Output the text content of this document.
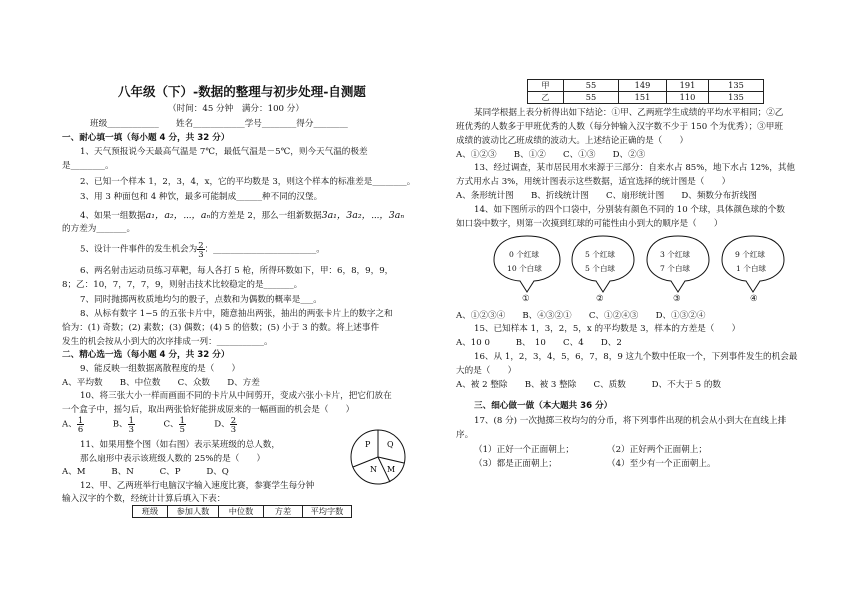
八年级（下）-数据的整理与初步处理-自测题
（时间：45 分钟　满分：100 分）
班级____________　　姓名____________学号________得分________
一、耐心填一填（每小题 4 分，共 32 分）
1、天气预报说今天最高气温是 7℃，最低气温是－5℃，则今天气温的极差
是________。
2、已知一个样本 1，2，3，4，x，它的平均数是 3，则这个样本的标准差是________。
3、用 3 种面包和 4 种饮，最多可能制成______种不同的汉堡。
4、如果一组数据a₁，a₂，⋯，aₙ的方差是 2，那么一组新数据3a₁，3a₂，⋯，3aₙ
的方差为_______。
5、设计一件事件的发生机会为 $\frac{2}{3}$ ：________________________。
6、两名射击运动员练习草靶，每人各打 5 枪，所得环数如下，甲：6，8，9，9，
8；乙：10，7，7，7，9，则射击技术比较稳定的是_______。
7、同时抛掷两枚质地均匀的骰子，点数和为偶数的概率是___。
8、从标有数字 1−5 的五张卡片中，随意抽出两张，抽出的两张卡片上的数字之和
恰为：(1) 奇数；(2) 素数；(3) 偶数；(4) 5 的倍数；(5) 小于 3 的数。将上述事件
发生的机会按从小到大的次序排成一列：___________。
二、精心选一选（每小题 4 分，共 32 分）
9、能反映一组数据离散程度的是（　　）
A、平均数　　B、中位数　　C、众数　　D、方差
10、将三张大小一样而画面不同的卡片从中间剪开，变成六张小卡片，把它们放在
一个盒子中，摇匀后，取出两张恰好能拼成原来的一幅画面的机会是（　　）
A、 $\frac{1}{6}$	B、 $\frac{1}{3}$	C、 $\frac{1}{5}$	D、 $\frac{2}{3}$
11、如果用整个图（如右图）表示某班级的总人数，
那么扇形中表示该班级人数的 25%的是（　　）
A、M　　　B、N　　　C、P　　　D、Q
P Q
N M
12、甲、乙两班举行电脑汉字输入速度比赛，参赛学生每分钟
输入汉字的个数，经统计计算后填入下表：
班级	参加人数	中位数	方差	平均字数
甲	55	149	191	135
乙	55	151	110	135
某同学根据上表分析得出如下结论：①甲、乙两班学生成绩的平均水平相同；②乙
班优秀的人数多于甲班优秀的人数（每分钟输入汉字数不少于 150 个为优秀）；③甲班
成绩的波动比乙班成绩的波动大。上述结论正确的是（　　）
A、①②③　　B、①②　　C、①③　　D、②③
13、经过调查，某市居民用水来源于三部分：自来水占 85%，地下水占 12%，其他
方式用水占 3%，用统计图表示这些数据，适宜选择的统计图是（　　）
A、条形统计图　　B、折线统计图　　C、扇形统计图　　D、频数分布折线图
14、如下图所示的四个口袋中，分别装有颜色不同的 10 个球，具体颜色球的个数
如口袋中数字，则第一次摸到红球的可能性由小到大的顺序是（　　）
0 个红球
10 个白球
①
5 个红球
5 个白球
②
3 个红球
7 个白球
③
9 个红球
1 个白球
④
A、①②③④　　B、④③②①　　C、①②④③　　D、①③②④
15、已知样本 1，3，2，5，x 的平均数是 3，样本的方差是（　　）
A、10 0　　　B、　10　　C、4　　D、2
16、从 1，2，3，4，5，6，7，8，9 这九个数中任取一个，下列事件发生的机会最
大的是（　　）
A、被 2 整除　　B、被 3 整除　　C、质数　　　D、不大于 5 的数
三、细心做一做（本大题共 36 分）
17、(8 分) 一次抛掷三枚均匀的分币，将下列事件出现的机会从小到大在直线上排
序。
（1）正好一个正面朝上；	（2）正好两个正面朝上；
（3）都是正面朝上；	（4）至少有一个正面朝上。
